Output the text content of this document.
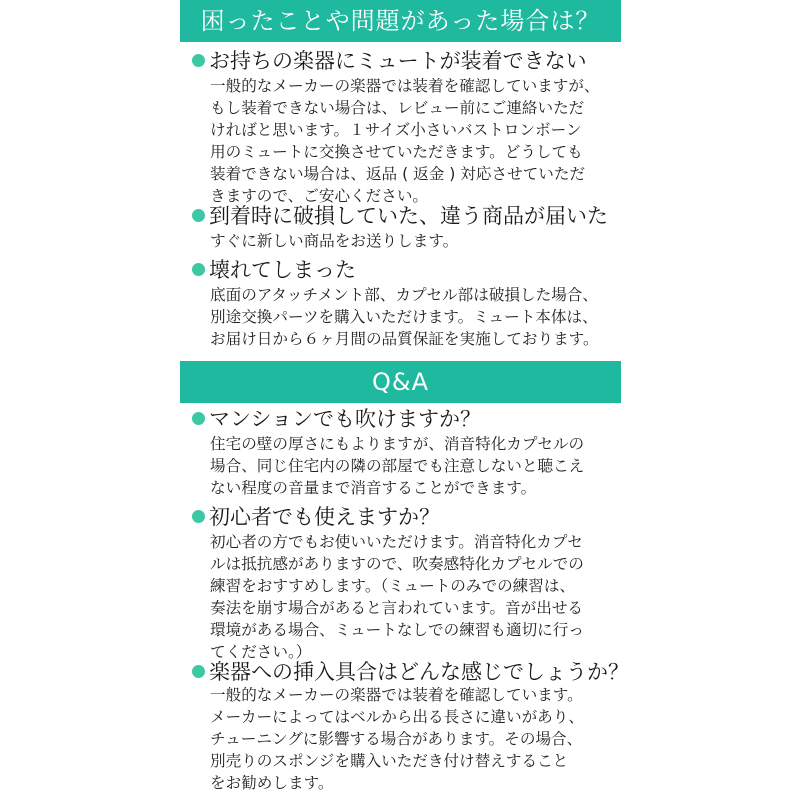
困ったことや問題があった場合は？
お持ちの楽器にミュートが装着できない
一般的なメーカーの楽器では装着を確認していますが、
もし装着できない場合は、レビュー前にご連絡いただ
ければと思います。１サイズ小さいバストロンボーン
用のミュートに交換させていただきます。どうしても
装着できない場合は、返品 ( 返金 ) 対応させていただ
きますので、ご安心ください。
到着時に破損していた、違う商品が届いた
すぐに新しい商品をお送りします。
壊れてしまった
底面のアタッチメント部、カプセル部は破損した場合、
別途交換パーツを購入いただけます。ミュート本体は、
お届け日から６ヶ月間の品質保証を実施しております。
Q&A
マンションでも吹けますか？
住宅の壁の厚さにもよりますが、消音特化カプセルの
場合、同じ住宅内の隣の部屋でも注意しないと聴こえ
ない程度の音量まで消音することができます。
初心者でも使えますか？
初心者の方でもお使いいただけます。消音特化カプセ
ルは抵抗感がありますので、吹奏感特化カプセルでの
練習をおすすめします。（ミュートのみでの練習は、
奏法を崩す場合があると言われています。音が出せる
環境がある場合、ミュートなしでの練習も適切に行っ
てください。）
楽器への挿入具合はどんな感じでしょうか？
一般的なメーカーの楽器では装着を確認しています。
メーカーによってはベルから出る長さに違いがあり、
チューニングに影響する場合があります。その場合、
別売りのスポンジを購入いただき付け替えすること
をお勧めします。
